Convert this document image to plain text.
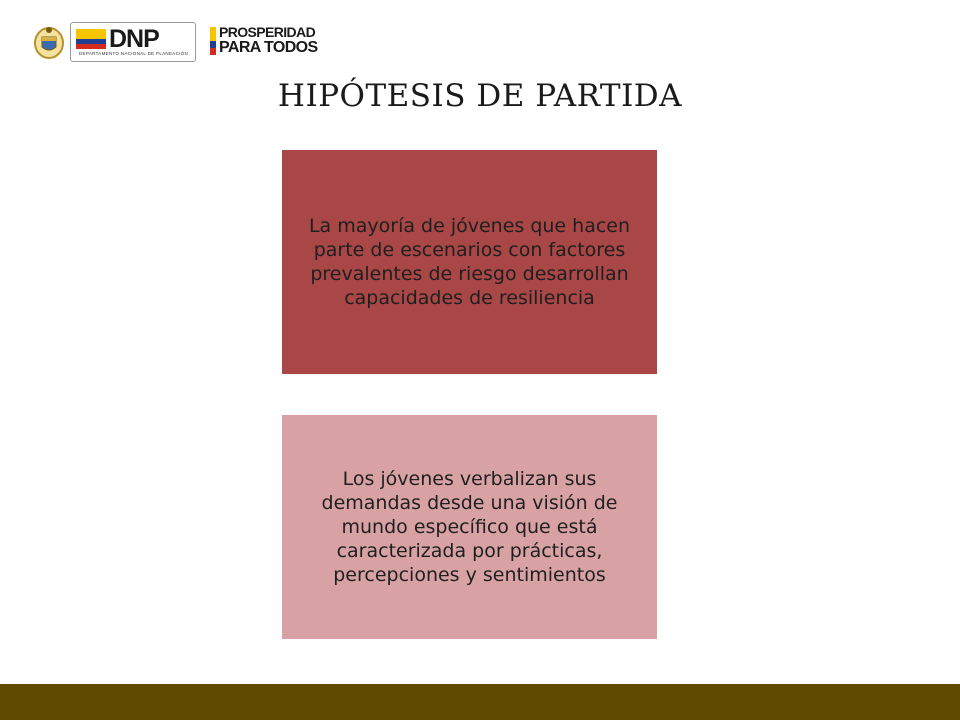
DNP
DEPARTAMENTO NACIONAL DE PLANEACIÓN
PROSPERIDAD
PARA TODOS
HIPÓTESIS DE PARTIDA
La mayoría de jóvenes que hacen parte de escenarios con factores prevalentes de riesgo desarrollan capacidades de resiliencia
Los jóvenes verbalizan sus demandas desde una visión de mundo específico que está caracterizada por prácticas, percepciones y sentimientos
